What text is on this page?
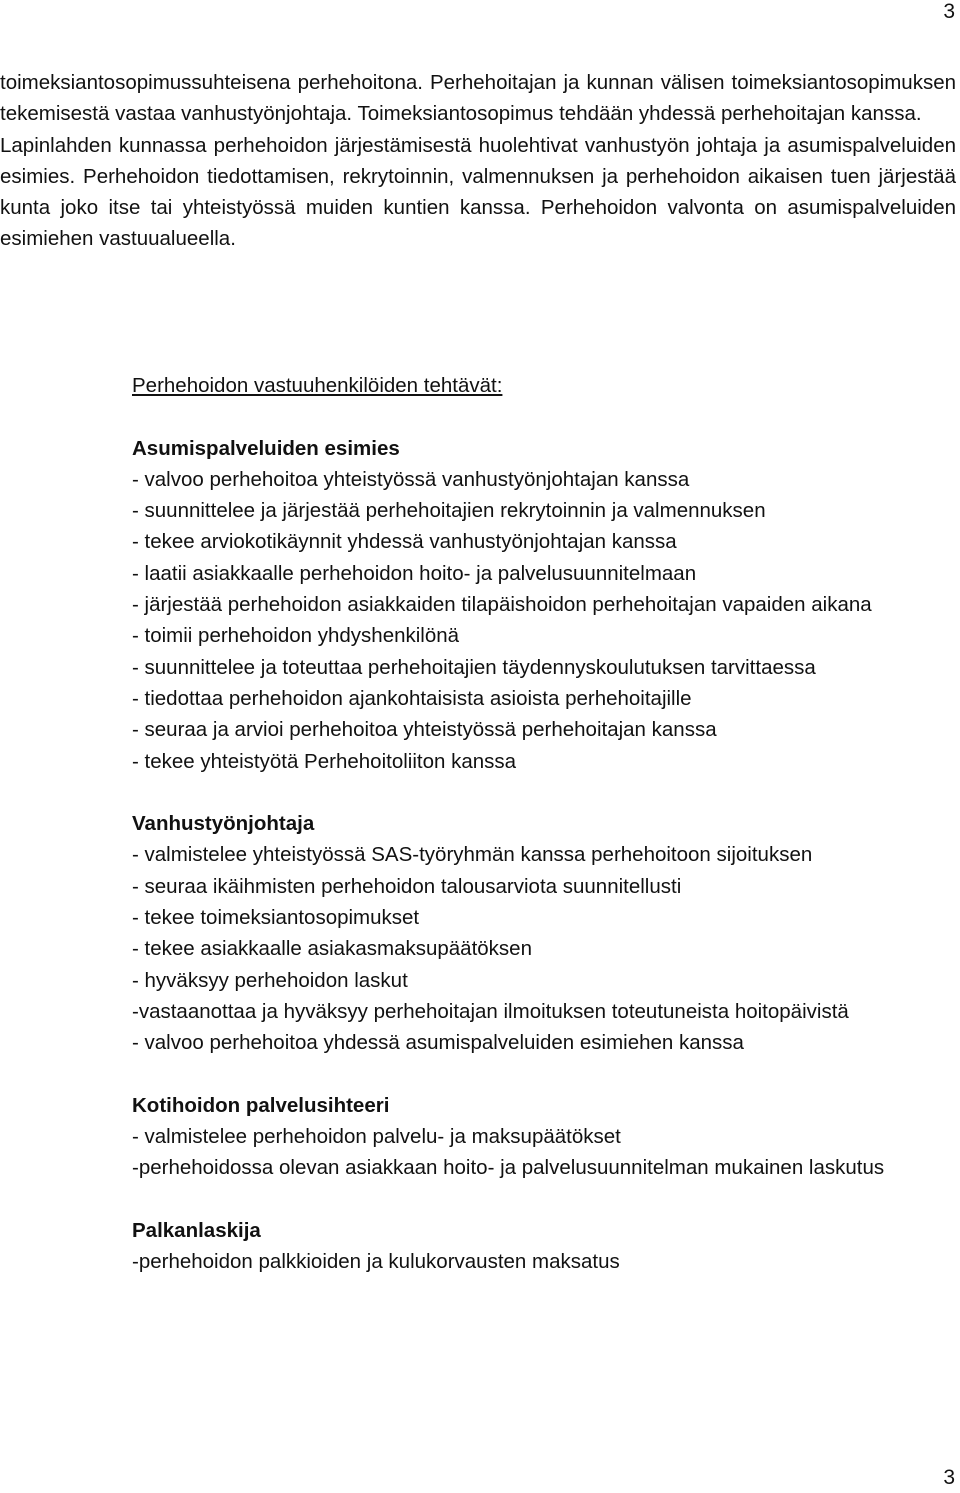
3

toimeksiantosopimussuhteisena perhehoitona. Perhehoitajan ja kunnan välisen toimeksiantosopimuksen tekemisestä vastaa vanhustyönjohtaja. Toimeksiantosopimus tehdään yhdessä perhehoitajan kanssa.

Lapinlahden kunnassa perhehoidon järjestämisestä huolehtivat vanhustyön johtaja ja asumispalveluiden esimies. Perhehoidon tiedottamisen, rekrytoinnin, valmennuksen ja perhehoidon aikaisen tuen järjestää kunta joko itse tai yhteistyössä muiden kuntien kanssa. Perhehoidon valvonta on asumispalveluiden esimiehen vastuualueella.

Perhehoidon vastuuhenkilöiden tehtävät:
Asumispalveluiden esimies
- valvoo perhehoitoa yhteistyössä vanhustyönjohtajan kanssa
- suunnittelee ja järjestää perhehoitajien rekrytoinnin ja valmennuksen
- tekee arviokotikäynnit yhdessä vanhustyönjohtajan kanssa
- laatii asiakkaalle perhehoidon hoito- ja palvelusuunnitelmaan
- järjestää perhehoidon asiakkaiden tilapäishoidon perhehoitajan vapaiden aikana
- toimii perhehoidon yhdyshenkilönä
- suunnittelee ja toteuttaa perhehoitajien täydennyskoulutuksen tarvittaessa
- tiedottaa perhehoidon ajankohtaisista asioista perhehoitajille
- seuraa ja arvioi perhehoitoa yhteistyössä perhehoitajan kanssa
- tekee yhteistyötä Perhehoitoliiton kanssa
Vanhustyönjohtaja
- valmistelee yhteistyössä SAS-työryhmän kanssa perhehoitoon sijoituksen
- seuraa ikäihmisten perhehoidon talousarviota suunnitellusti
- tekee toimeksiantosopimukset
- tekee asiakkaalle asiakasmaksupäätöksen
- hyväksyy perhehoidon laskut
-vastaanottaa ja hyväksyy perhehoitajan ilmoituksen toteutuneista hoitopäivistä
- valvoo perhehoitoa yhdessä asumispalveluiden esimiehen kanssa
Kotihoidon palvelusihteeri
- valmistelee perhehoidon palvelu- ja maksupäätökset
-perhehoidossa olevan asiakkaan hoito- ja palvelusuunnitelman mukainen laskutus
Palkanlaskija
-perhehoidon palkkioiden ja kulukorvausten maksatus
3
